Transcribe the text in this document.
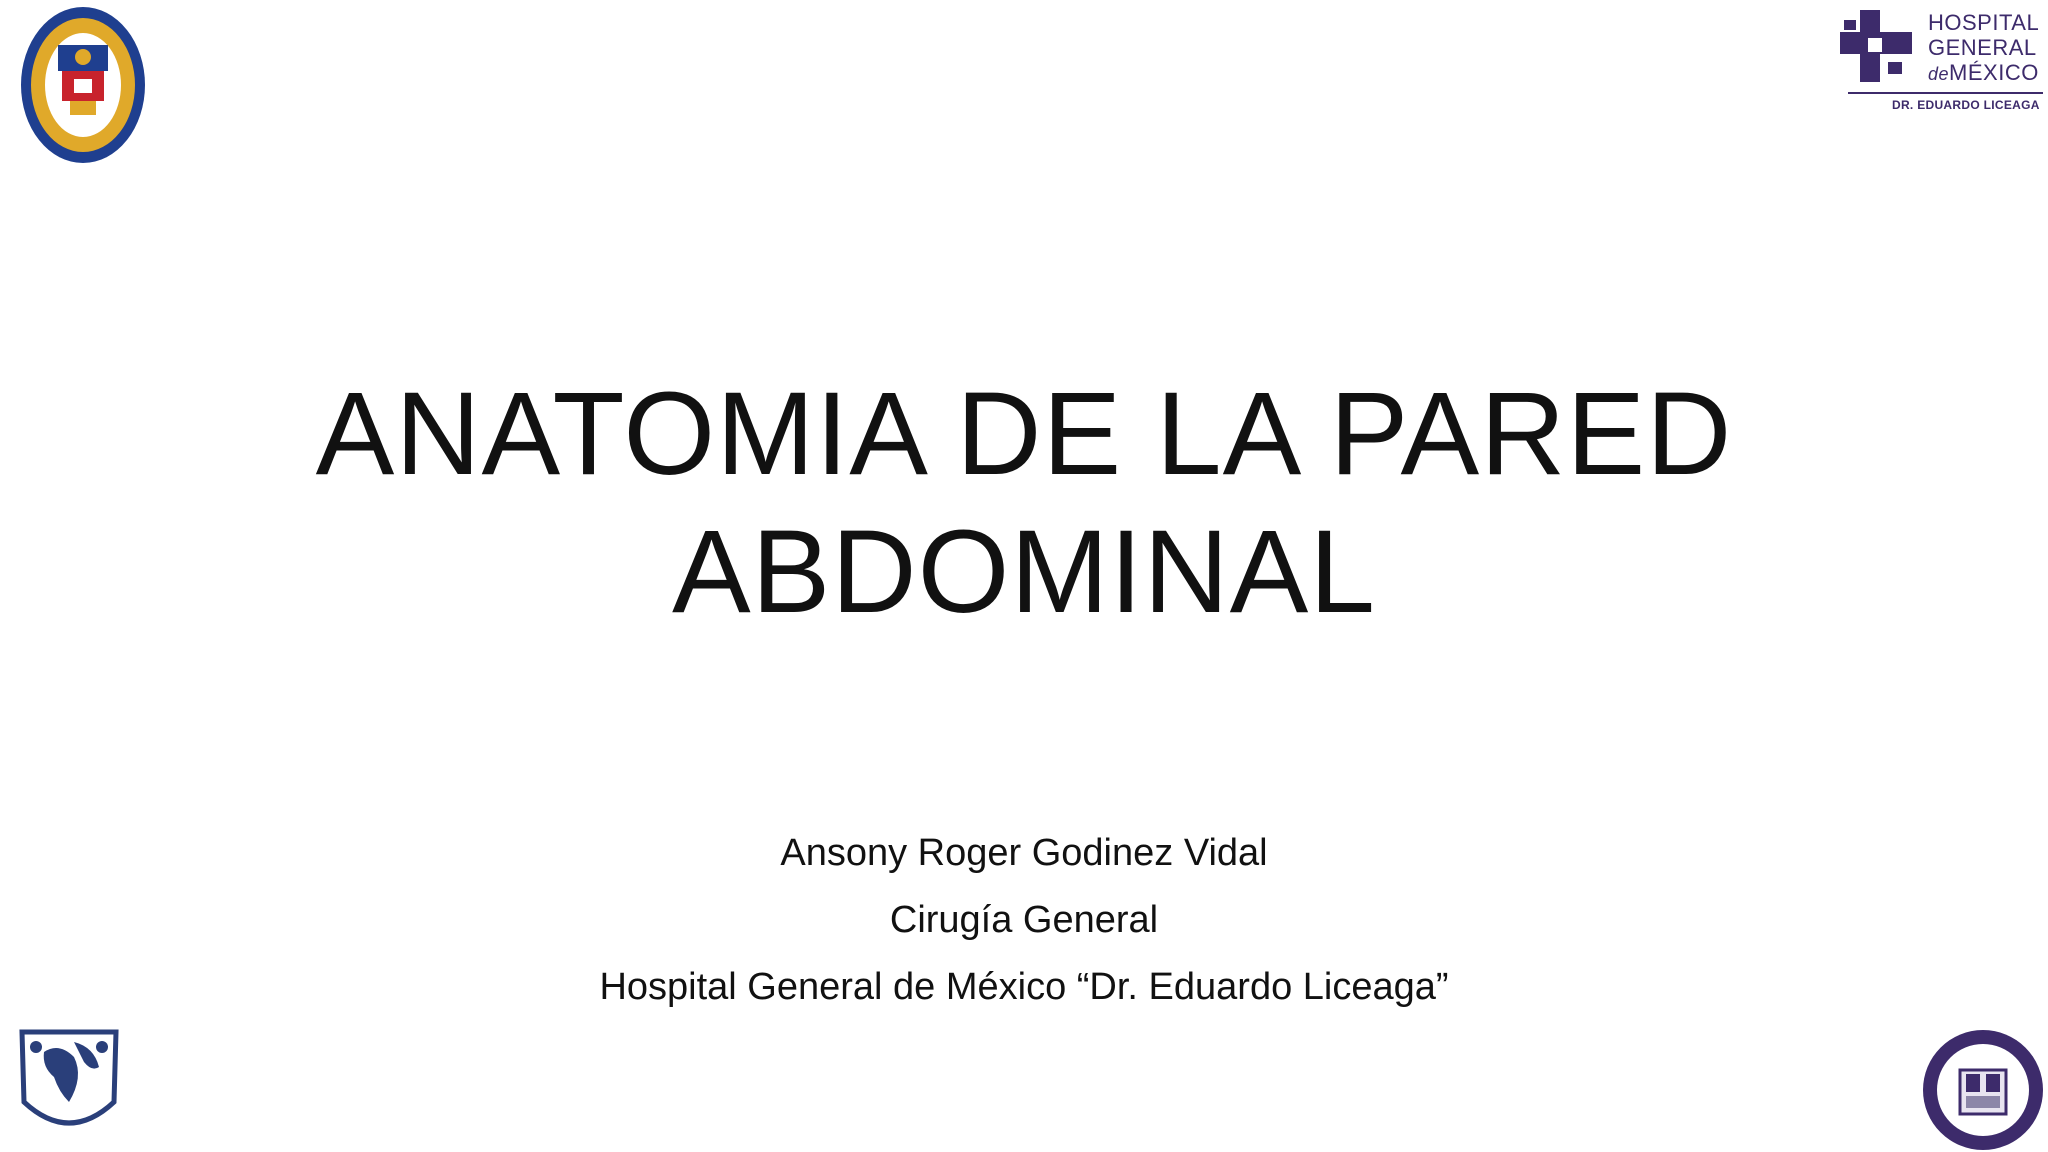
HOSPITAL
GENERAL
deMÉXICO
DR. EDUARDO LICEAGA
ANATOMIA DE LA PARED
ABDOMINAL
Ansony Roger Godinez Vidal
Cirugía General
Hospital General de México “Dr. Eduardo Liceaga”
